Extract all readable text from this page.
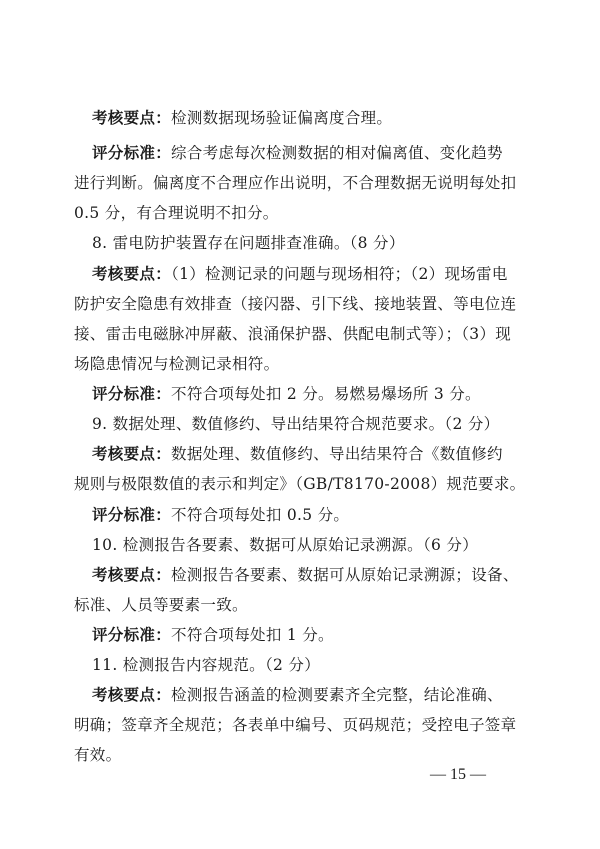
考核要点：检测数据现场验证偏离度合理。
评分标准：综合考虑每次检测数据的相对偏离值、变化趋势
进行判断。偏离度不合理应作出说明，不合理数据无说明每处扣
0.5 分，有合理说明不扣分。
8. 雷电防护装置存在问题排查准确。（8 分）
考核要点：（1）检测记录的问题与现场相符；（2）现场雷电
防护安全隐患有效排查（接闪器、引下线、接地装置、等电位连
接、雷击电磁脉冲屏蔽、浪涌保护器、供配电制式等）；（3）现
场隐患情况与检测记录相符。
评分标准：不符合项每处扣 2 分。易燃易爆场所 3 分。
9. 数据处理、数值修约、导出结果符合规范要求。（2 分）
考核要点：数据处理、数值修约、导出结果符合《数值修约
规则与极限数值的表示和判定》（GB/T8170-2008）规范要求。
评分标准：不符合项每处扣 0.5 分。
10. 检测报告各要素、数据可从原始记录溯源。（6 分）
考核要点：检测报告各要素、数据可从原始记录溯源；设备、
标准、人员等要素一致。
评分标准：不符合项每处扣 1 分。
11. 检测报告内容规范。（2 分）
考核要点：检测报告涵盖的检测要素齐全完整，结论准确、
明确；签章齐全规范；各表单中编号、页码规范；受控电子签章
有效。
— 15 —
